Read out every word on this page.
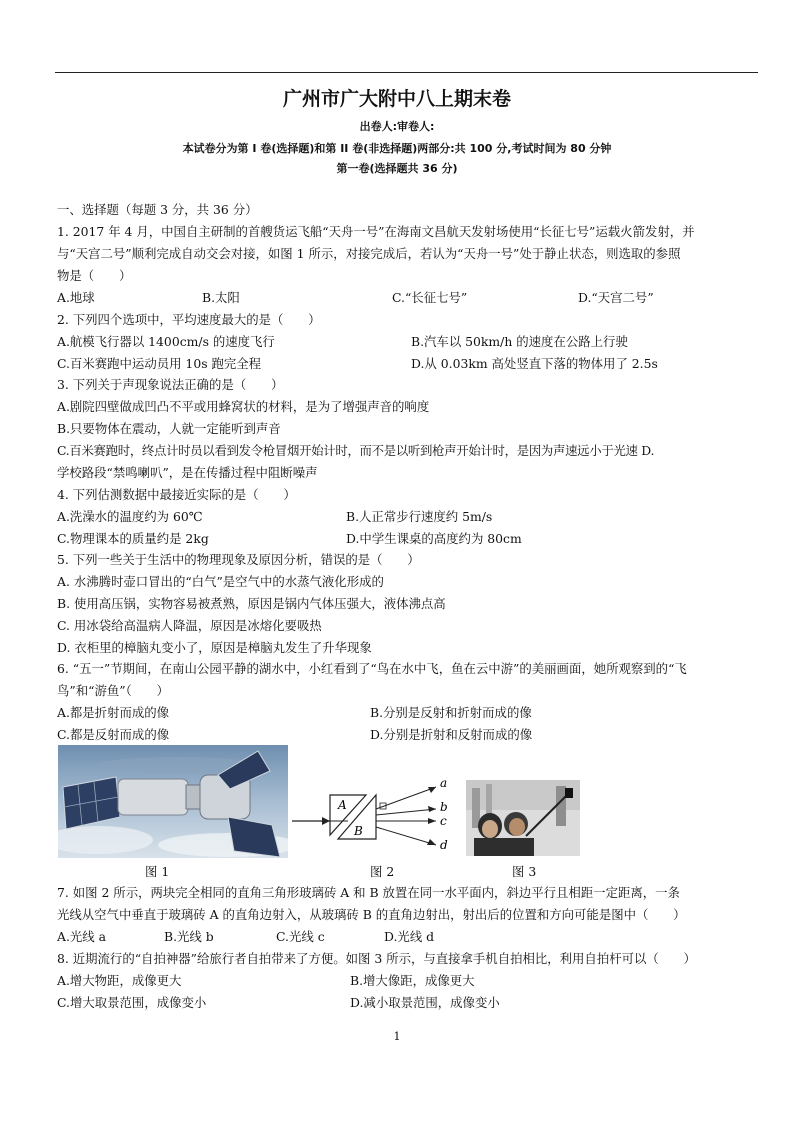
广州市广大附中八上期末卷
出卷人:审卷人:
本试卷分为第 I 卷(选择题)和第 II 卷(非选择题)两部分:共 100 分,考试时间为 80 分钟
第一卷(选择题共 36 分)
一、选择题（每题 3 分，共 36 分）
1. 2017 年 4 月，中国自主研制的首艘货运飞船“天舟一号”在海南文昌航天发射场使用“长征七号”运载火箭发射，并
与“天宫二号”顺利完成自动交会对接，如图 1 所示，对接完成后，若认为“天舟一号”处于静止状态，则选取的参照
物是（　　）
A.地球	B.太阳	C.“长征七号”	D.“天宫二号”
2. 下列四个选项中，平均速度最大的是（　　）
A.航模飞行器以 1400cm/s 的速度飞行	B.汽车以 50km/h 的速度在公路上行驶
C.百米赛跑中运动员用 10s 跑完全程	D.从 0.03km 高处竖直下落的物体用了 2.5s
3. 下列关于声现象说法正确的是（　　）
A.剧院四壁做成凹凸不平或用蜂窝状的材料，是为了增强声音的响度
B.只要物体在震动，人就一定能听到声音
C.百米赛跑时，终点计时员以看到发令枪冒烟开始计时，而不是以听到枪声开始计时，是因为声速远小于光速 D.
学校路段“禁鸣喇叭”，是在传播过程中阻断噪声
4. 下列估测数据中最接近实际的是（　　）
A.洗澡水的温度约为 60℃	B.人正常步行速度约 5m/s
C.物理课本的质量约是 2kg	D.中学生课桌的高度约为 80cm
5. 下列一些关于生活中的物理现象及原因分析，错误的是（　　）
A. 水沸腾时壶口冒出的“白气”是空气中的水蒸气液化形成的
B. 使用高压锅，实物容易被煮熟，原因是锅内气体压强大，液体沸点高
C. 用冰袋给高温病人降温，原因是冰熔化要吸热
D. 衣柜里的樟脑丸变小了，原因是樟脑丸发生了升华现象
6. “五一”节期间，在南山公园平静的湖水中，小红看到了“鸟在水中飞，鱼在云中游”的美丽画面，她所观察到的“飞
鸟”和“游鱼”（　　）
A.都是折射而成的像	B.分别是反射和折射而成的像
C.都是反射而成的像	D.分别是折射和反射而成的像
A
B
a
b
c
d
图 1	图 2	图 3
7. 如图 2 所示，两块完全相同的直角三角形玻璃砖 A 和 B 放置在同一水平面内，斜边平行且相距一定距离，一条
光线从空气中垂直于玻璃砖 A 的直角边射入，从玻璃砖 B 的直角边射出，射出后的位置和方向可能是图中（　　）
A.光线 a	B.光线 b	C.光线 c	D.光线 d
8. 近期流行的“自拍神器”给旅行者自拍带来了方便。如图 3 所示，与直接拿手机自拍相比，利用自拍杆可以（　　）
A.增大物距，成像更大	B.增大像距，成像更大
C.增大取景范围，成像变小	D.减小取景范围，成像变小
1
